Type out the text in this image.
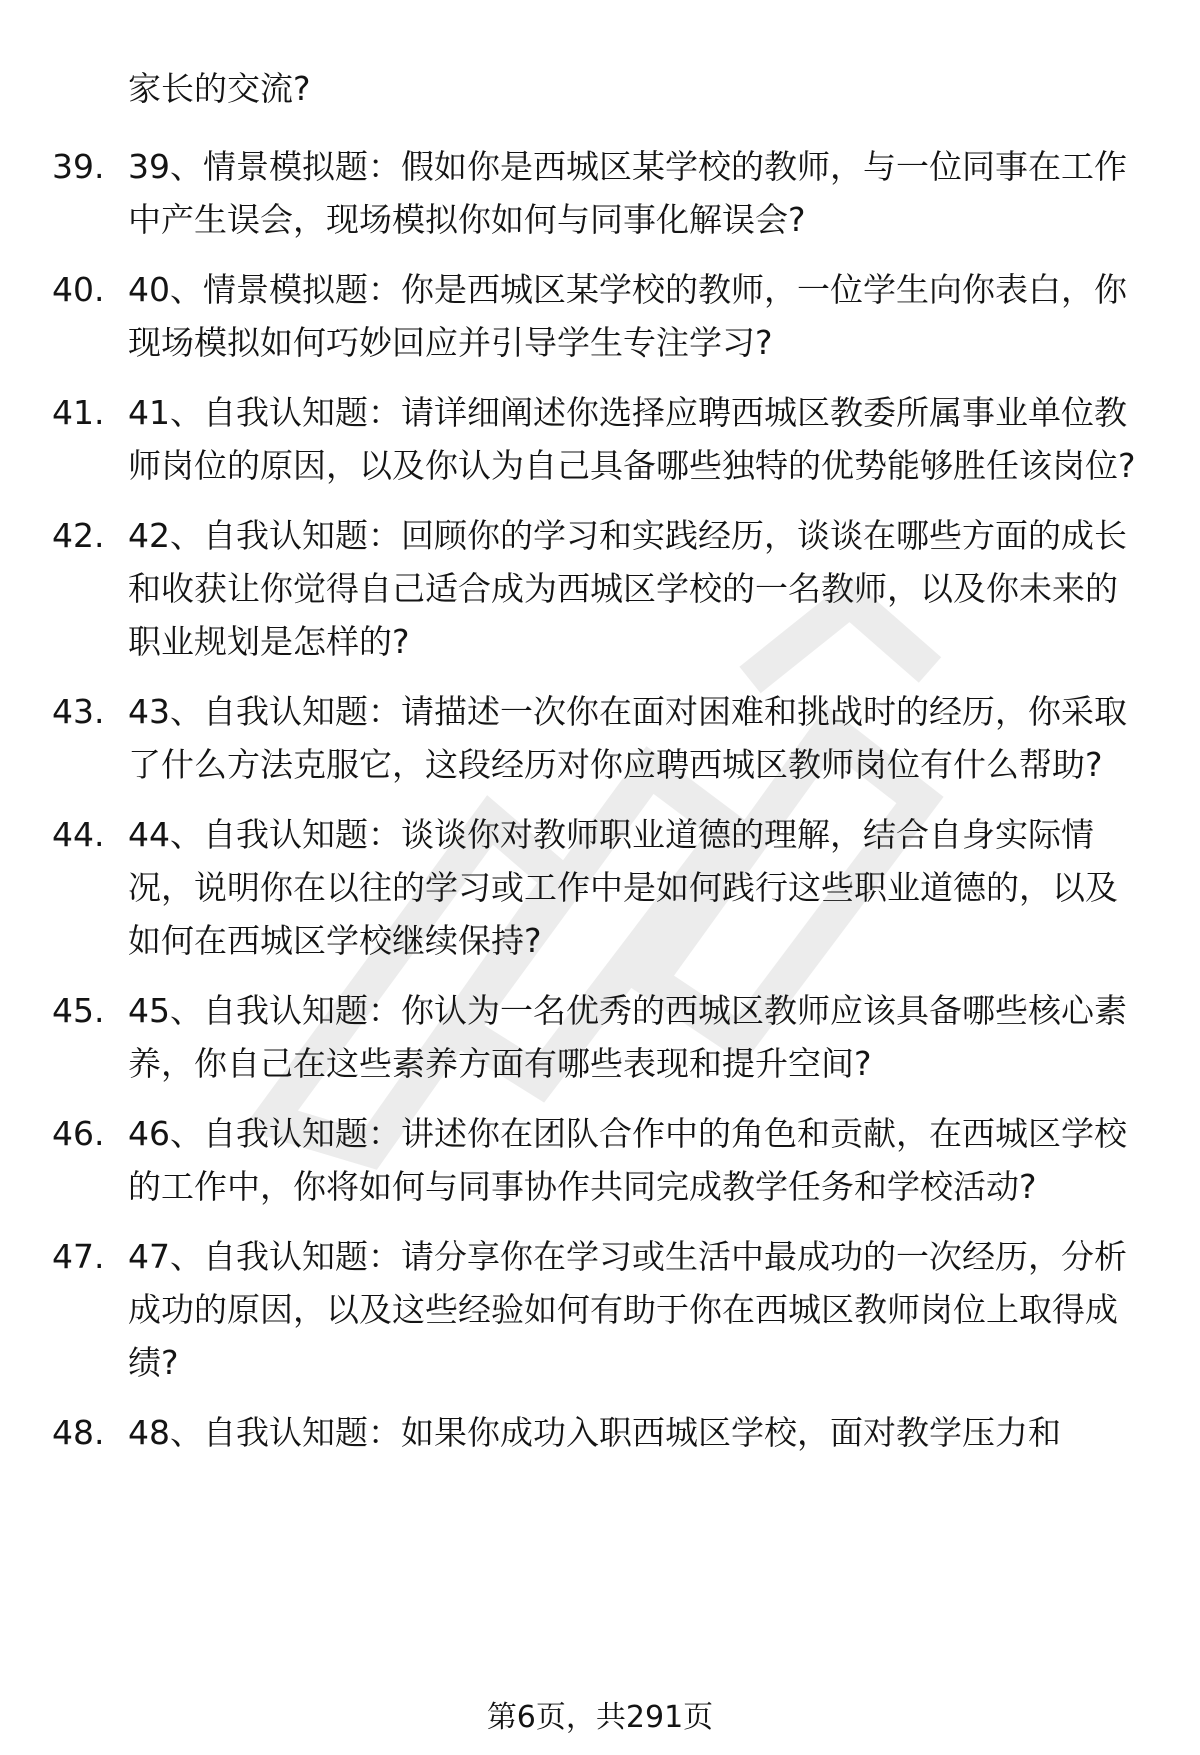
家长的交流?

39. 39、情景模拟题：假如你是西城区某学校的教师，与一位同事在工作中产生误会，现场模拟你如何与同事化解误会?
40. 40、情景模拟题：你是西城区某学校的教师，一位学生向你表白，你现场模拟如何巧妙回应并引导学生专注学习?
41. 41、自我认知题：请详细阐述你选择应聘西城区教委所属事业单位教师岗位的原因，以及你认为自己具备哪些独特的优势能够胜任该岗位?
42. 42、自我认知题：回顾你的学习和实践经历，谈谈在哪些方面的成长和收获让你觉得自己适合成为西城区学校的一名教师，以及你未来的职业规划是怎样的?
43. 43、自我认知题：请描述一次你在面对困难和挑战时的经历，你采取了什么方法克服它，这段经历对你应聘西城区教师岗位有什么帮助?
44. 44、自我认知题：谈谈你对教师职业道德的理解，结合自身实际情况，说明你在以往的学习或工作中是如何践行这些职业道德的，以及如何在西城区学校继续保持?
45. 45、自我认知题：你认为一名优秀的西城区教师应该具备哪些核心素养，你自己在这些素养方面有哪些表现和提升空间?
46. 46、自我认知题：讲述你在团队合作中的角色和贡献，在西城区学校的工作中，你将如何与同事协作共同完成教学任务和学校活动?
47. 47、自我认知题：请分享你在学习或生活中最成功的一次经历，分析成功的原因，以及这些经验如何有助于你在西城区教师岗位上取得成绩?
48. 48、自我认知题：如果你成功入职西城区学校，面对教学压力和
第6页，共291页
